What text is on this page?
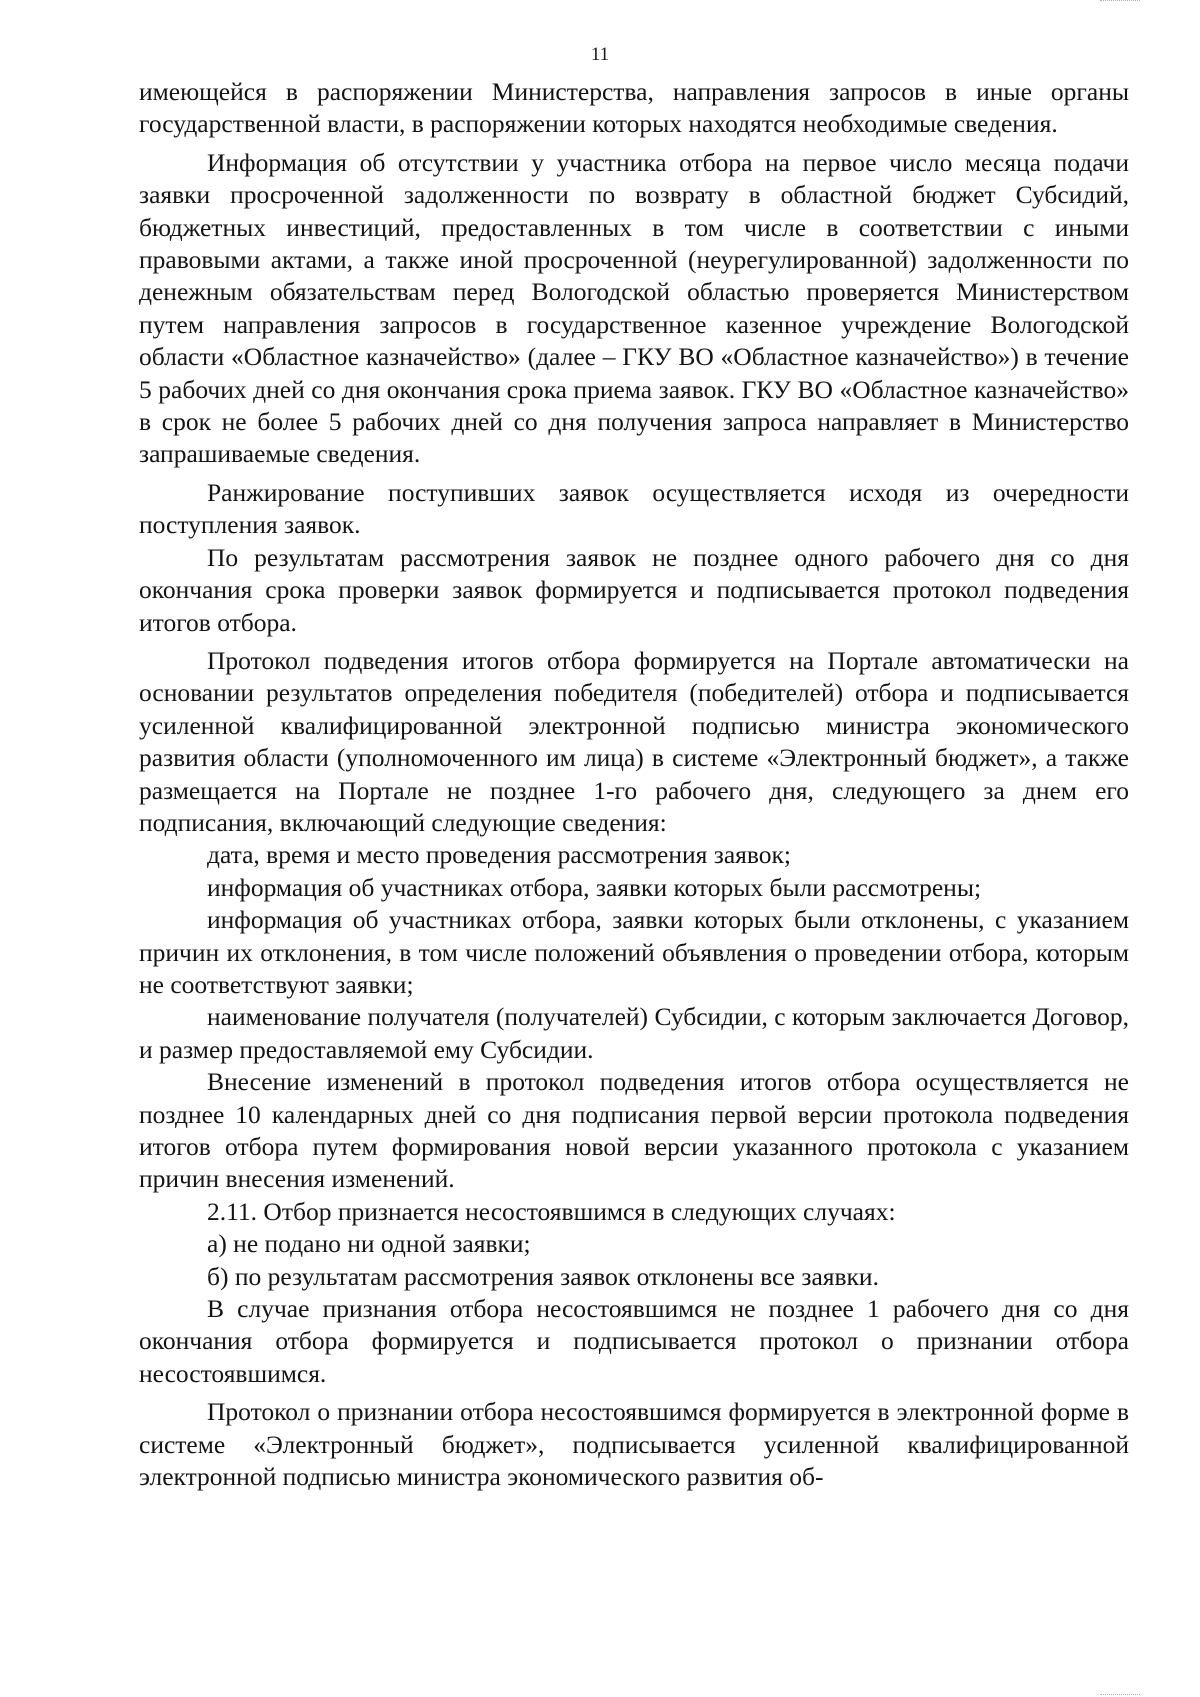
11

имеющейся в распоряжении Министерства, направления запросов в иные органы государственной власти, в распоряжении которых находятся необходимые сведения.

Информация об отсутствии у участника отбора на первое число месяца подачи заявки просроченной задолженности по возврату в областной бюджет Субсидий, бюджетных инвестиций, предоставленных в том числе в соответствии с иными правовыми актами, а также иной просроченной (неурегулированной) задолженности по денежным обязательствам перед Вологодской областью проверяется Министерством путем направления запросов в государственное казенное учреждение Вологодской области «Областное казначейство» (далее – ГКУ ВО «Областное казначейство») в течение 5 рабочих дней со дня окончания срока приема заявок. ГКУ ВО «Областное казначейство» в срок не более 5 рабочих дней со дня получения запроса направляет в Министерство запрашиваемые сведения.

Ранжирование поступивших заявок осуществляется исходя из очередности поступления заявок.

По результатам рассмотрения заявок не позднее одного рабочего дня со дня окончания срока проверки заявок формируется и подписывается протокол подведения итогов отбора.

Протокол подведения итогов отбора формируется на Портале автоматически на основании результатов определения победителя (победителей) отбора и подписывается усиленной квалифицированной электронной подписью министра экономического развития области (уполномоченного им лица) в системе «Электронный бюджет», а также размещается на Портале не позднее 1-го рабочего дня, следующего за днем его подписания, включающий следующие сведения:

дата, время и место проведения рассмотрения заявок;

информация об участниках отбора, заявки которых были рассмотрены;

информация об участниках отбора, заявки которых были отклонены, с указанием причин их отклонения, в том числе положений объявления о проведении отбора, которым не соответствуют заявки;

наименование получателя (получателей) Субсидии, с которым заключается Договор, и размер предоставляемой ему Субсидии.

Внесение изменений в протокол подведения итогов отбора осуществляется не позднее 10 календарных дней со дня подписания первой версии протокола подведения итогов отбора путем формирования новой версии указанного протокола с указанием причин внесения изменений.

2.11. Отбор признается несостоявшимся в следующих случаях:

а) не подано ни одной заявки;

б) по результатам рассмотрения заявок отклонены все заявки.

В случае признания отбора несостоявшимся не позднее 1 рабочего дня со дня окончания отбора формируется и подписывается протокол о признании отбора несостоявшимся.

Протокол о признании отбора несостоявшимся формируется в электронной форме в системе «Электронный бюджет», подписывается усиленной квалифицированной электронной подписью министра экономического развития об-
